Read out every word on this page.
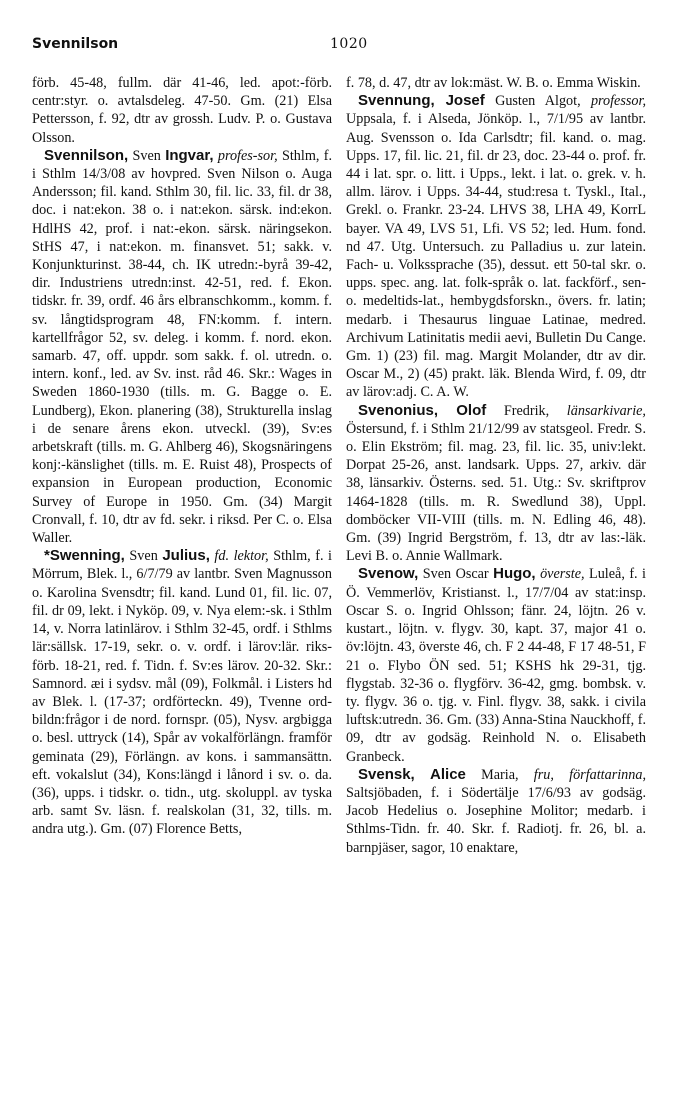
Svennilson	1020

förb. 45-48, fullm. där 41-46, led. apot:-förb. centr:styr. o. avtalsdeleg. 47-50. Gm. (21) Elsa Pettersson, f. 92, dtr av grossh. Ludv. P. o. Gustava Olsson.

Svennilson, Sven Ingvar, profes-sor, Sthlm, f. i Sthlm 14/3/08 av hovpred. Sven Nilson o. Auga Andersson; fil. kand. Sthlm 30, fil. lic. 33, fil. dr 38, doc. i nat:ekon. 38 o. i nat:ekon. särsk. ind:ekon. HdlHS 42, prof. i nat:-ekon. särsk. näringsekon. StHS 47, i nat:ekon. m. finansvet. 51; sakk. v. Konjunkturinst. 38-44, ch. IK utredn:-byrå 39-42, dir. Industriens utredn:inst. 42-51, red. f. Ekon. tidskr. fr. 39, ordf. 46 års elbranschkomm., komm. f. sv. långtidsprogram 48, FN:komm. f. intern. kartellfrågor 52, sv. deleg. i komm. f. nord. ekon. samarb. 47, off. uppdr. som sakk. f. ol. utredn. o. intern. konf., led. av Sv. inst. råd 46. Skr.: Wages in Sweden 1860-1930 (tills. m. G. Bagge o. E. Lundberg), Ekon. planering (38), Strukturella inslag i de senare årens ekon. utveckl. (39), Sv:es arbetskraft (tills. m. G. Ahlberg 46), Skogsnäringens konj:-känslighet (tills. m. E. Ruist 48), Prospects of expansion in European production, Economic Survey of Europe in 1950. Gm. (34) Margit Cronvall, f. 10, dtr av fd. sekr. i riksd. Per C. o. Elsa Waller.

*Swenning, Sven Julius, fd. lektor, Sthlm, f. i Mörrum, Blek. l., 6/7/79 av lantbr. Sven Magnusson o. Karolina Svensdtr; fil. kand. Lund 01, fil. lic. 07, fil. dr 09, lekt. i Nyköp. 09, v. Nya elem:-sk. i Sthlm 14, v. Norra latinlärov. i Sthlm 32-45, ordf. i Sthlms lär:sällsk. 17-19, sekr. o. v. ordf. i lärov:lär. riks-förb. 18-21, red. f. Tidn. f. Sv:es lärov. 20-32. Skr.: Samnord. æi i sydsv. mål (09), Folkmål. i Listers hd av Blek. l. (17-37; ordförteckn. 49), Tvenne ord-bildn:frågor i de nord. fornspr. (05), Nysv. argbigga o. besl. uttryck (14), Spår av vokalförlängn. framför geminata (29), Förlängn. av kons. i sammansättn. eft. vokalslut (34), Kons:längd i lånord i sv. o. da. (36), upps. i tidskr. o. tidn., utg. skoluppl. av tyska arb. samt Sv. läsn. f. realskolan (31, 32, tills. m. andra utg.). Gm. (07) Florence Betts,

f. 78, d. 47, dtr av lok:mäst. W. B. o. Emma Wiskin.

Svennung, Josef Gusten Algot, professor, Uppsala, f. i Alseda, Jönköp. l., 7/1/95 av lantbr. Aug. Svensson o. Ida Carlsdtr; fil. kand. o. mag. Upps. 17, fil. lic. 21, fil. dr 23, doc. 23-44 o. prof. fr. 44 i lat. spr. o. litt. i Upps., lekt. i lat. o. grek. v. h. allm. lärov. i Upps. 34-44, stud:resa t. Tyskl., Ital., Grekl. o. Frankr. 23-24. LHVS 38, LHA 49, KorrL bayer. VA 49, LVS 51, Lfi. VS 52; led. Hum. fond. nd 47. Utg. Untersuch. zu Palladius u. zur latein. Fach- u. Volkssprache (35), dessut. ett 50-tal skr. o. upps. spec. ang. lat. folk-språk o. lat. fackförf., sen- o. medeltids-lat., hembygdsforskn., övers. fr. latin; medarb. i Thesaurus linguae Latinae, medred. Archivum Latinitatis medii aevi, Bulletin Du Cange. Gm. 1) (23) fil. mag. Margit Molander, dtr av dir. Oscar M., 2) (45) prakt. läk. Blenda Wird, f. 09, dtr av lärov:adj. C. A. W.

Svenonius, Olof Fredrik, länsarkivarie, Östersund, f. i Sthlm 21/12/99 av statsgeol. Fredr. S. o. Elin Ekström; fil. mag. 23, fil. lic. 35, univ:lekt. Dorpat 25-26, anst. landsark. Upps. 27, arkiv. där 38, länsarkiv. Österns. sed. 51. Utg.: Sv. skriftprov 1464-1828 (tills. m. R. Swedlund 38), Uppl. domböcker VII-VIII (tills. m. N. Edling 46, 48). Gm. (39) Ingrid Bergström, f. 13, dtr av las:-läk. Levi B. o. Annie Wallmark.

Svenow, Sven Oscar Hugo, överste, Luleå, f. i Ö. Vemmerlöv, Kristianst. l., 17/7/04 av stat:insp. Oscar S. o. Ingrid Ohlsson; fänr. 24, löjtn. 26 v. kustart., löjtn. v. flygv. 30, kapt. 37, major 41 o. öv:löjtn. 43, överste 46, ch. F 2 44-48, F 17 48-51, F 21 o. Flybo ÖN sed. 51; KSHS hk 29-31, tjg. flygstab. 32-36 o. flygförv. 36-42, gmg. bombsk. v. ty. flygv. 36 o. tjg. v. Finl. flygv. 38, sakk. i civila luftsk:utredn. 36. Gm. (33) Anna-Stina Nauckhoff, f. 09, dtr av godsäg. Reinhold N. o. Elisabeth Granbeck.

Svensk, Alice Maria, fru, författarinna, Saltsjöbaden, f. i Södertälje 17/6/93 av godsäg. Jacob Hedelius o. Josephine Molitor; medarb. i Sthlms-Tidn. fr. 40. Skr. f. Radiotj. fr. 26, bl. a. barnpjäser, sagor, 10 enaktare,
